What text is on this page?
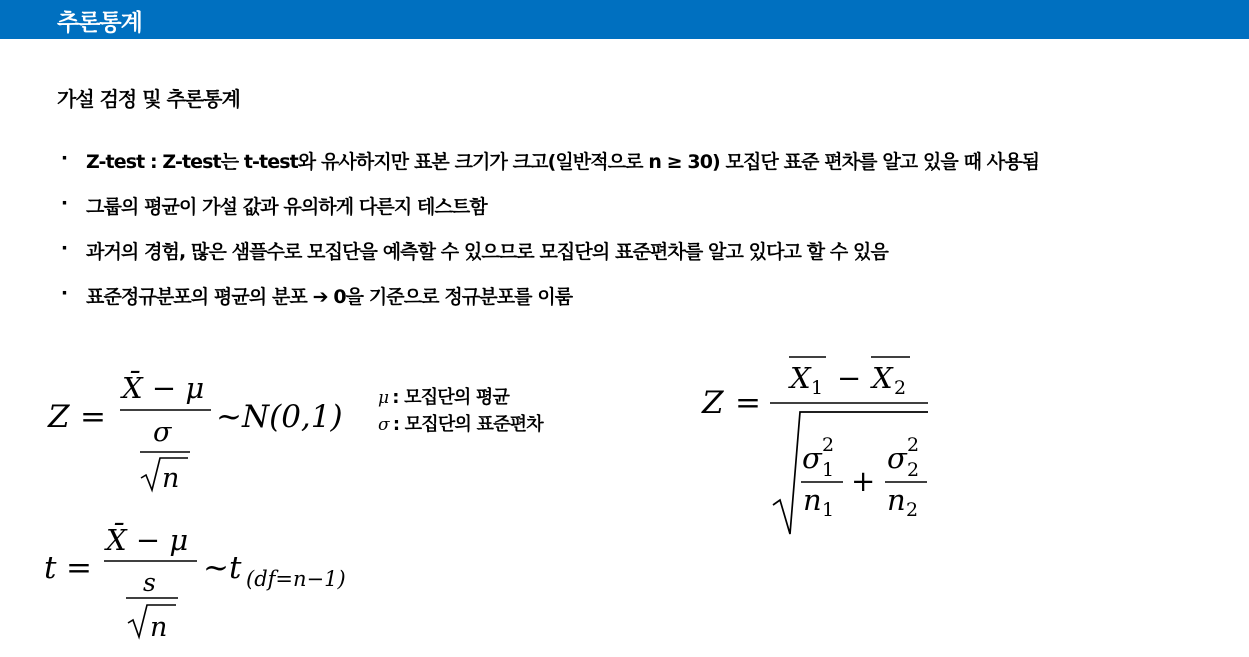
추론통계
가설 검정 및 추론통계
· Z-test : Z-test는 t-test와 유사하지만 표본 크기가 크고(일반적으로 n ≥ 30) 모집단 표준 편차를 알고 있을 때 사용됨
· 그룹의 평균이 가설 값과 유의하게 다른지 테스트함
· 과거의 경험, 많은 샘플수로 모집단을 예측할 수 있으므로 모집단의 표준편차를 알고 있다고 할 수 있음
· 표준정규분포의 평균의 분포 ➔ 0을 기준으로 정규분포를 이룸
μ : 모집단의 평균
σ : 모집단의 표준편차
Z =
X̄ − μ
σ
n
~N(0,1)
t =
X̄ − μ
s
n
~t (df=n−1)
Z =
X 1 − X 2
σ 1
2
n 1
+
σ 2
2
n 2
